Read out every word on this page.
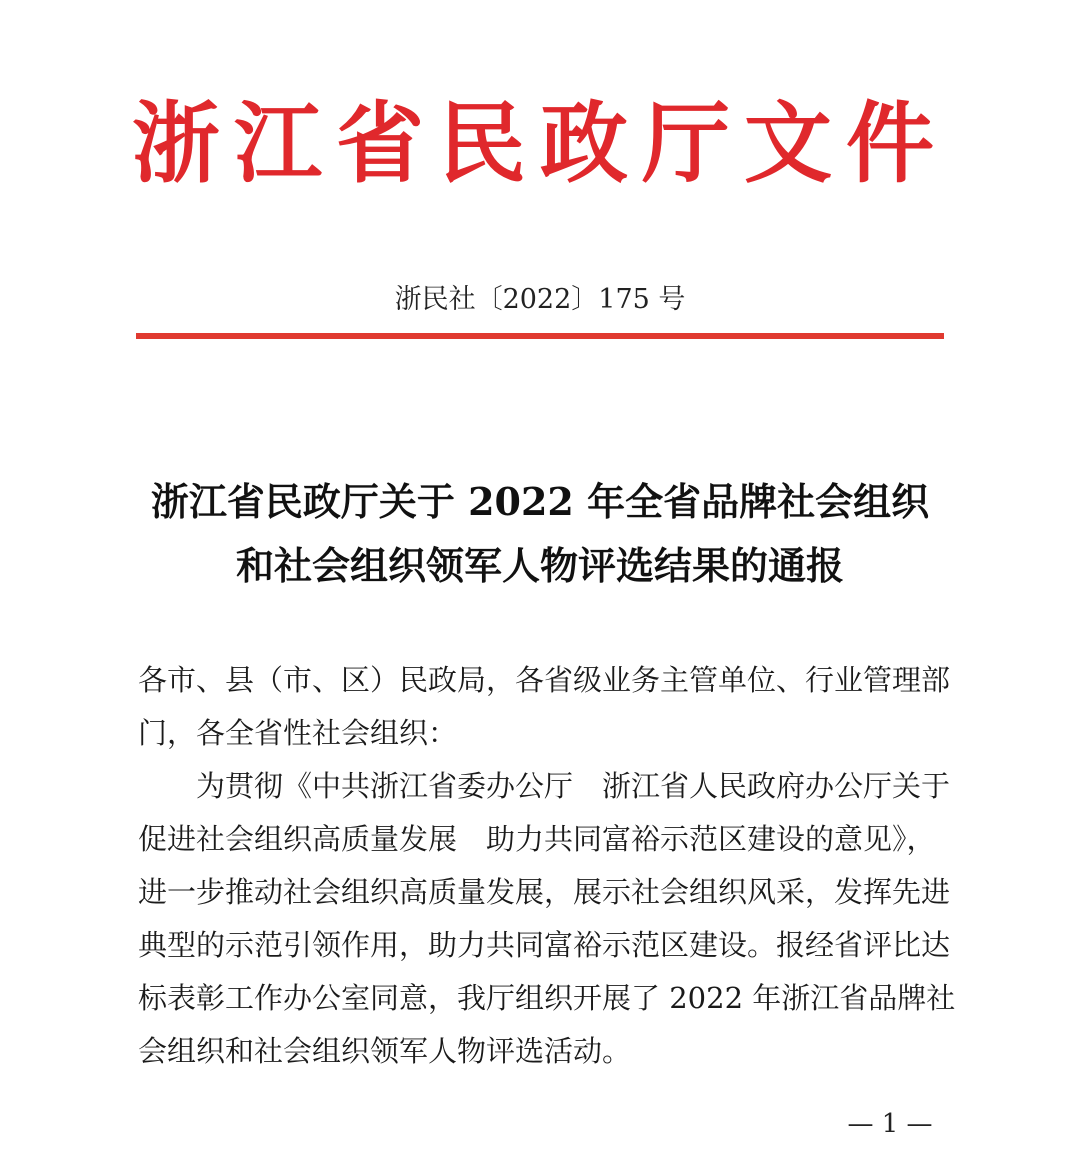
浙江省民政厅文件
浙民社〔2022〕175 号
浙江省民政厅关于 2022 年全省品牌社会组织
和社会组织领军人物评选结果的通报
各市、县（市、区）民政局，各省级业务主管单位、行业管理部
门，各全省性社会组织：
　　为贯彻《中共浙江省委办公厅　浙江省人民政府办公厅关于
促进社会组织高质量发展　助力共同富裕示范区建设的意见》，
进一步推动社会组织高质量发展，展示社会组织风采，发挥先进
典型的示范引领作用，助力共同富裕示范区建设。报经省评比达
标表彰工作办公室同意，我厅组织开展了 2022 年浙江省品牌社
会组织和社会组织领军人物评选活动。
— 1 —
